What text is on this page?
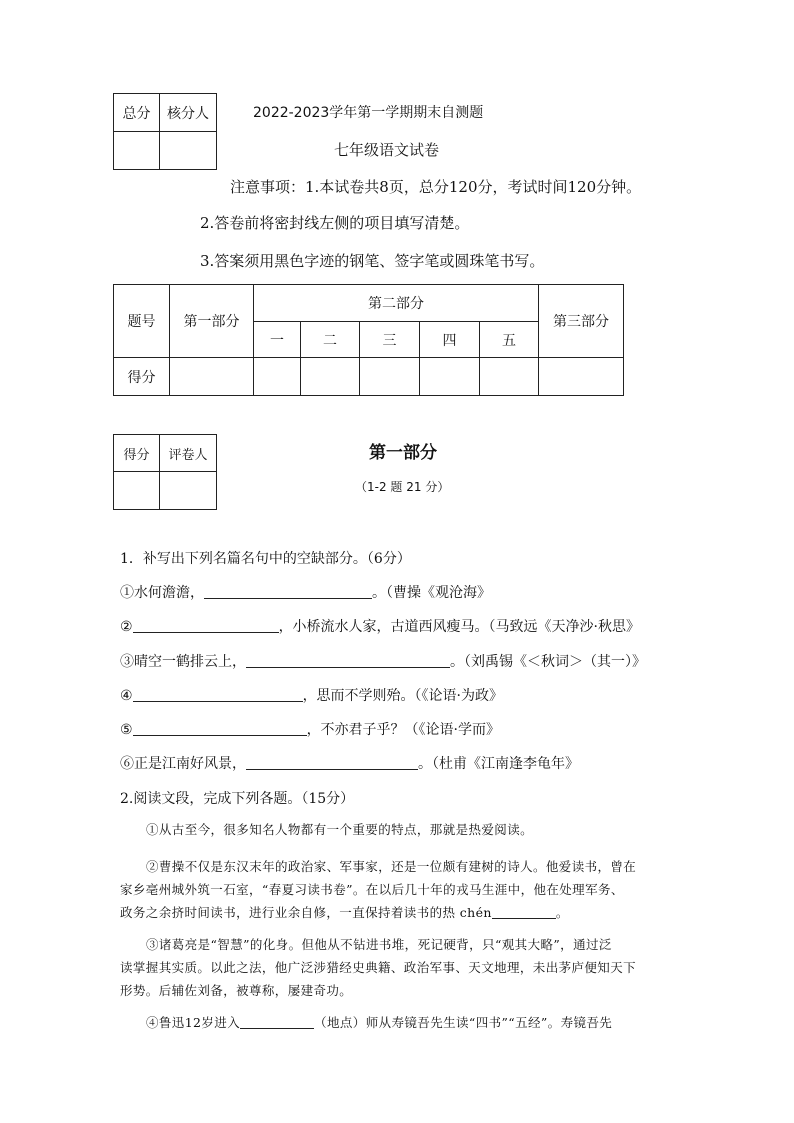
总分	核分人
		2022-2023学年第一学期期末自测题
七年级语文试卷
注意事项：1.本试卷共8页，总分120分，考试时间120分钟。
2.答卷前将密封线左侧的项目填写清楚。
3.答案须用黑色字迹的钢笔、签字笔或圆珠笔书写。
题号	第一部分	第二部分					第三部分
		一	二	三	四	五	
得分							
得分	评卷人
		第一部分
（1-2 题 21 分）
1．补写出下列名篇名句中的空缺部分。（6分）
①水何澹澹，	。（曹操《观沧海》
②	，小桥流水人家，古道西风瘦马。（马致远《天净沙·秋思》
③晴空一鹤排云上，	。（刘禹锡《＜秋词＞（其一）》
④	，思而不学则殆。（《论语·为政》
⑤	，不亦君子乎？（《论语·学而》
⑥正是江南好风景，	。（杜甫《江南逢李龟年》
2.阅读文段，完成下列各题。（15分）
①从古至今，很多知名人物都有一个重要的特点，那就是热爱阅读。
②曹操不仅是东汉末年的政治家、军事家，还是一位颇有建树的诗人。他爱读书，曾在
家乡亳州城外筑一石室，“春夏习读书卷”。在以后几十年的戎马生涯中，他在处理军务、
政务之余挤时间读书，进行业余自修，一直保持着读书的热 chén	。
③诸葛亮是“智慧”的化身。但他从不钻进书堆，死记硬背，只“观其大略”，通过泛
读掌握其实质。以此之法，他广泛涉猎经史典籍、政治军事、天文地理，未出茅庐便知天下
形势。后辅佐刘备，被尊称，屡建奇功。
④鲁迅12岁进入	（地点）师从寿镜吾先生读“四书”“五经”。寿镜吾先
